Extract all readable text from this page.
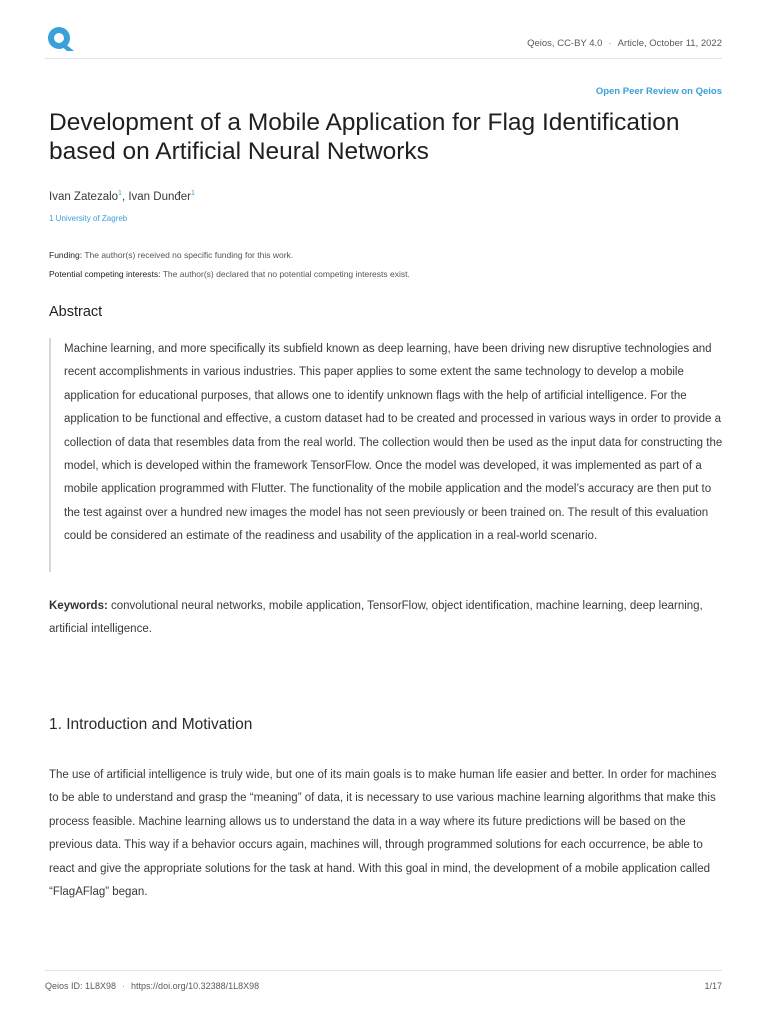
Qeios, CC-BY 4.0 · Article, October 11, 2022
Open Peer Review on Qeios
Development of a Mobile Application for Flag Identification based on Artificial Neural Networks
Ivan Zatezalo$^1$, Ivan Dunđer$^1$
1 University of Zagreb
Funding: The author(s) received no specific funding for this work.
Potential competing interests: The author(s) declared that no potential competing interests exist.
Abstract

Machine learning, and more specifically its subfield known as deep learning, have been driving new disruptive technologies and recent accomplishments in various industries. This paper applies to some extent the same technology to develop a mobile application for educational purposes, that allows one to identify unknown flags with the help of artificial intelligence. For the application to be functional and effective, a custom dataset had to be created and processed in various ways in order to provide a collection of data that resembles data from the real world. The collection would then be used as the input data for constructing the model, which is developed within the framework TensorFlow. Once the model was developed, it was implemented as part of a mobile application programmed with Flutter. The functionality of the mobile application and the model’s accuracy are then put to the test against over a hundred new images the model has not seen previously or been trained on. The result of this evaluation could be considered an estimate of the readiness and usability of the application in a real-world scenario.

Keywords: convolutional neural networks, mobile application, TensorFlow, object identification, machine learning, deep learning, artificial intelligence.

1. Introduction and Motivation

The use of artificial intelligence is truly wide, but one of its main goals is to make human life easier and better. In order for machines to be able to understand and grasp the “meaning” of data, it is necessary to use various machine learning algorithms that make this process feasible. Machine learning allows us to understand the data in a way where its future predictions will be based on the previous data. This way if a behavior occurs again, machines will, through programmed solutions for each occurrence, be able to react and give the appropriate solutions for the task at hand. With this goal in mind, the development of a mobile application called “FlagAFlag” began.

Qeios ID: 1L8X98 · https://doi.org/10.32388/1L8X98	1/17
